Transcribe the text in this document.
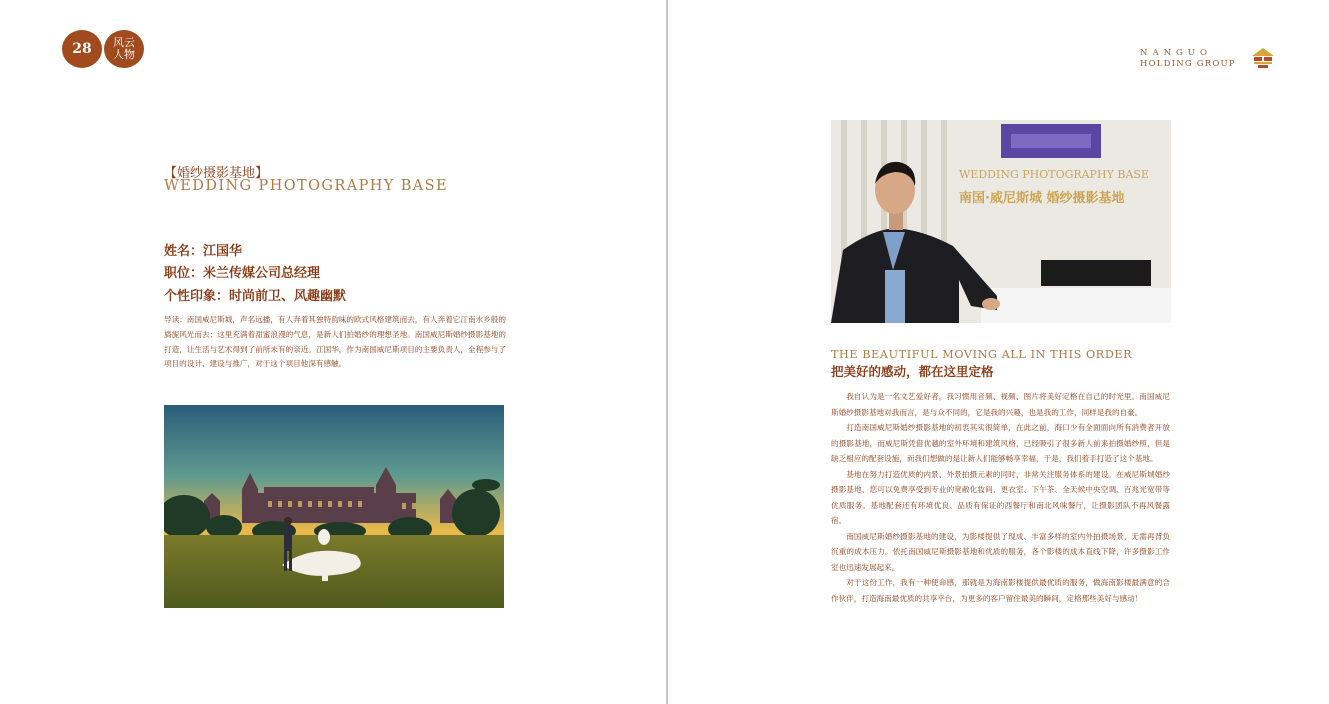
28 风云
人物
【婚纱摄影基地】
WEDDING PHOTOGRAPHY BASE
姓名：江国华
职位：米兰传媒公司总经理
个性印象：时尚前卫、风趣幽默
导读：南国威尼斯城，声名远播，有人奔着其独特韵味的欧式风格建筑而去，有人奔着它江南水乡般的旖旎风光而去；这里充满着甜蜜浪漫的气息，是新人们拍婚纱的理想圣地。南国威尼斯婚纱摄影基地的打造，让生活与艺术得到了前所未有的亲近。江国华，作为南国威尼斯项目的主要负责人，全程参与了项目的设计、建设与推广，对于这个项目他深有感触。
NANGUO
HOLDING GROUP
WEDDING PHOTOGRAPHY BASE
南国·威尼斯城 婚纱摄影基地
THE BEAUTIFUL MOVING ALL IN THIS ORDER
把美好的感动，都在这里定格

我自认为是一名文艺爱好者，我习惯用音频、视频、图片将美好定格在自己的时光里。南国威尼斯婚纱摄影基地对我而言，是与众不同的，它是我的兴趣，也是我的工作，同样是我的自豪。

打造南国威尼斯婚纱摄影基地的初衷其实很简单，在此之前，海口少有全面面向所有消费者开放的摄影基地，而威尼斯凭借优越的室外环境和建筑风格，已经吸引了很多新人前来拍摄婚纱照，但是缺乏相应的配套设施，而我们想做的是让新人们能够畅享幸福，于是，我们着手打造了这个基地。

基地在努力打造优质的内景、外景拍摄元素的同时，非常关注服务体系的建设。在威尼斯城婚纱摄影基地，您可以免费享受到专业的宽敞化妆间、更衣室、下午茶、全天候中央空调、百兆光宽带等优质服务。基地配套还有环境优良、品质有保证的西餐厅和南北风味餐厅，让摄影团队不再风餐露宿。

南国威尼斯婚纱摄影基地的建设，为影楼提供了现成、丰富多样的室内外拍摄场景，无需再背负沉重的成本压力。依托南国威尼斯摄影基地和优质的服务，各个影楼的成本直线下降，许多摄影工作室也迅速发展起来。

对于这份工作，我有一种使命感，那就是为海南影楼提供最优质的服务，做海南影楼最满意的合作伙伴，打造海南最优质的共享平台，为更多的客户留住最美的瞬间，定格那些美好与感动！
